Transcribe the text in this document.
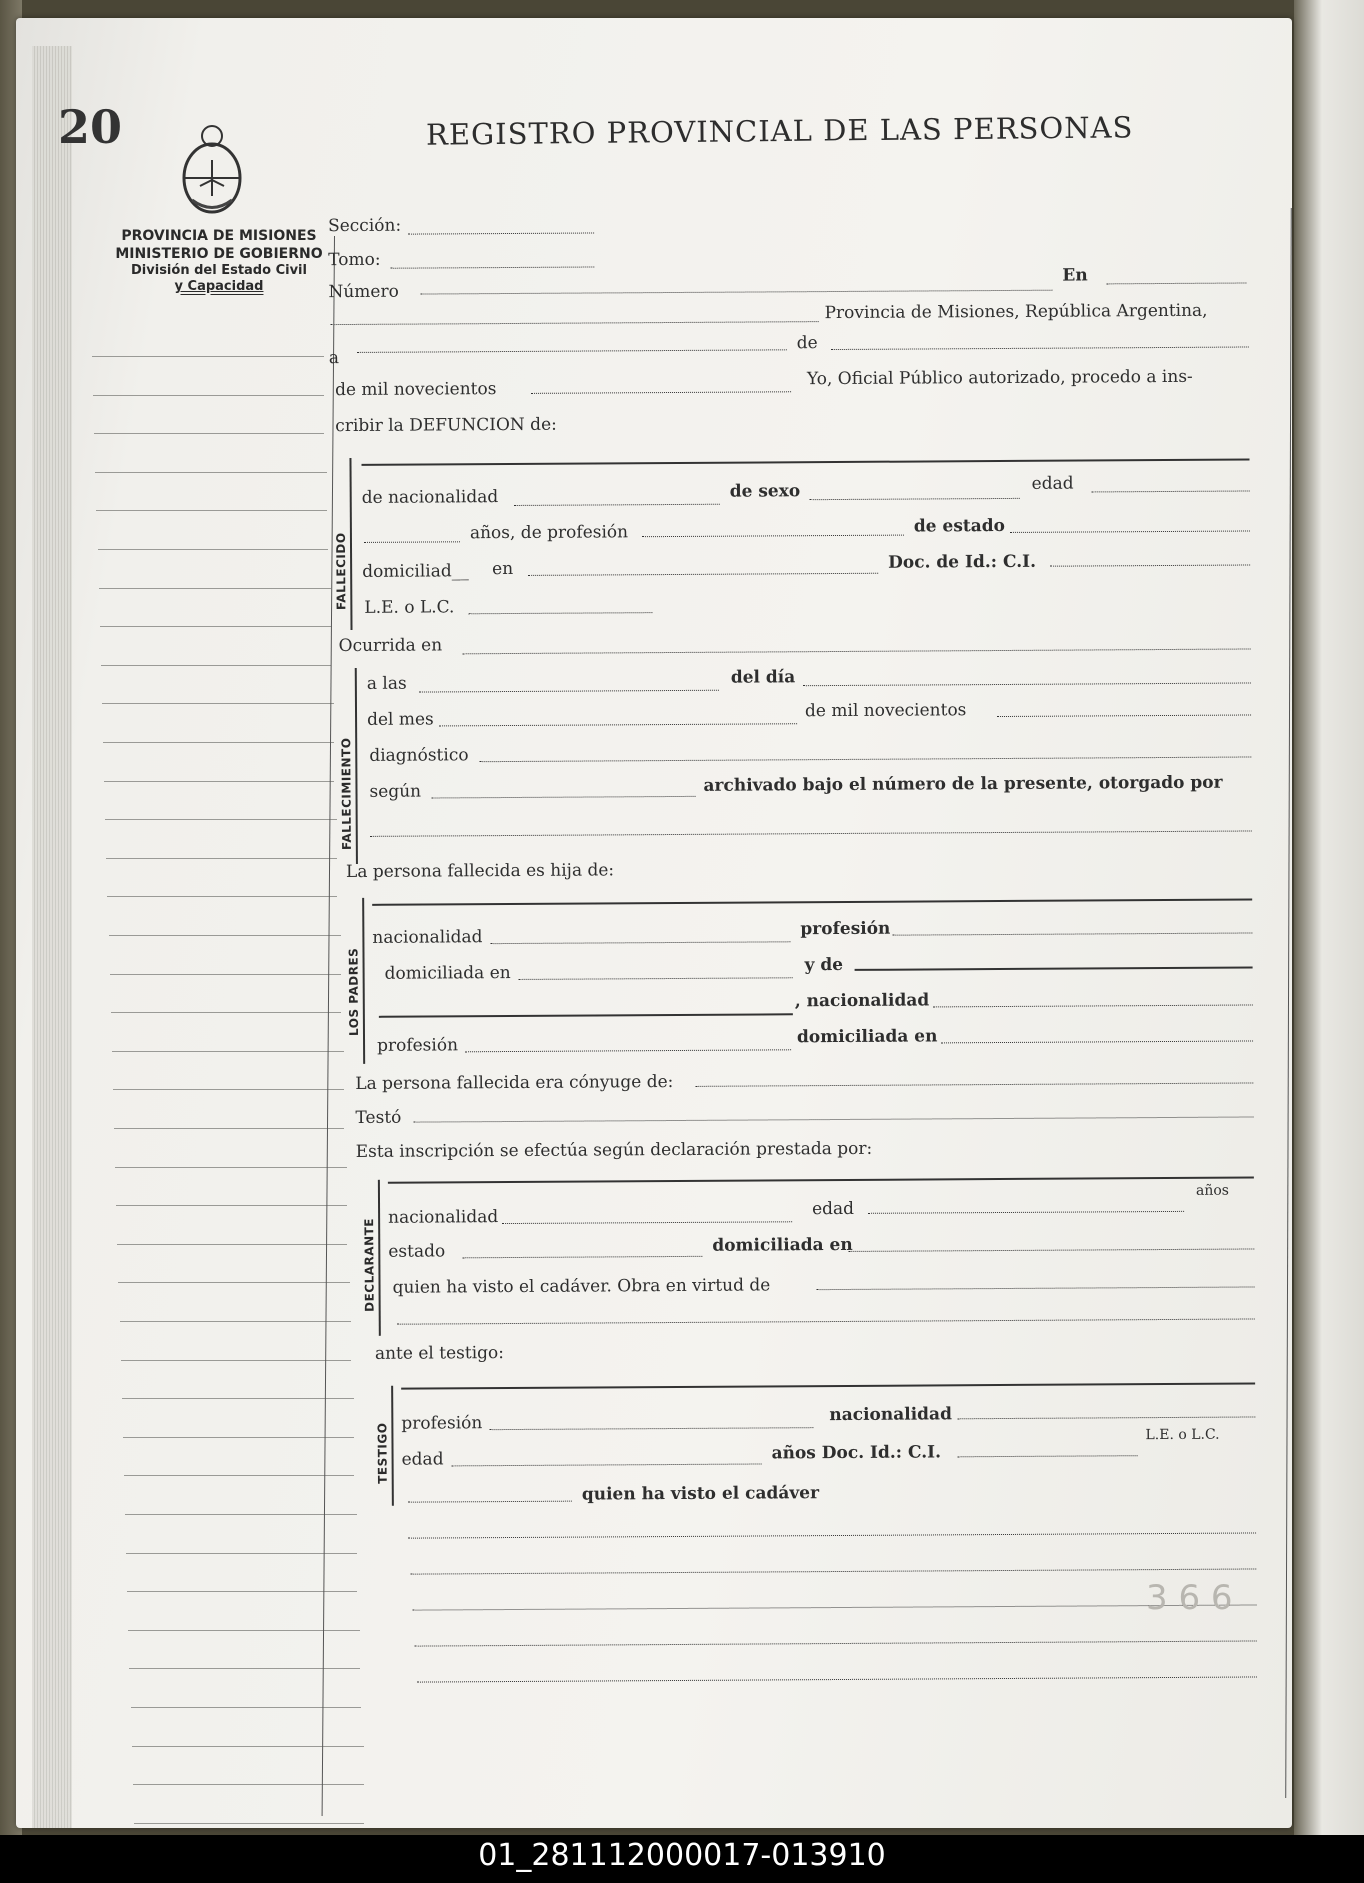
20	REGISTRO PROVINCIAL DE LAS PERSONAS
PROVINCIA DE MISIONES
MINISTERIO DE GOBIERNO
División del Estado Civil
y Capacidad
Sección:
Tomo:
En
Número
Provincia de Misiones, República Argentina,
a
de
de mil novecientos
Yo, Oficial Público autorizado, procedo a ins-
cribir la DEFUNCION de:
FALLECIDO
de nacionalidad	de sexo	edad
años, de profesión	de estado
domiciliad__ en	Doc. de Id.: C.I.
L.E. o L.C.
Ocurrida en
FALLECIMIENTO
a las	del día
del mes	de mil novecientos
diagnóstico
según	archivado bajo el número de la presente, otorgado por
La persona fallecida es hija de:
LOS PADRES
nacionalidad	profesión
domiciliada en	y de
, nacionalidad
profesión	domiciliada en
La persona fallecida era cónyuge de:
Testó
Esta inscripción se efectúa según declaración prestada por:
DECLARANTE
nacionalidad	edad
años
estado	domiciliada en
quien ha visto el cadáver. Obra en virtud de
ante el testigo:
TESTIGO profesión	nacionalidad
edad	años Doc. Id.: C.I.
L.E. o L.C.
quien ha visto el cadáver
3 6 6
01_281112000017-013910
